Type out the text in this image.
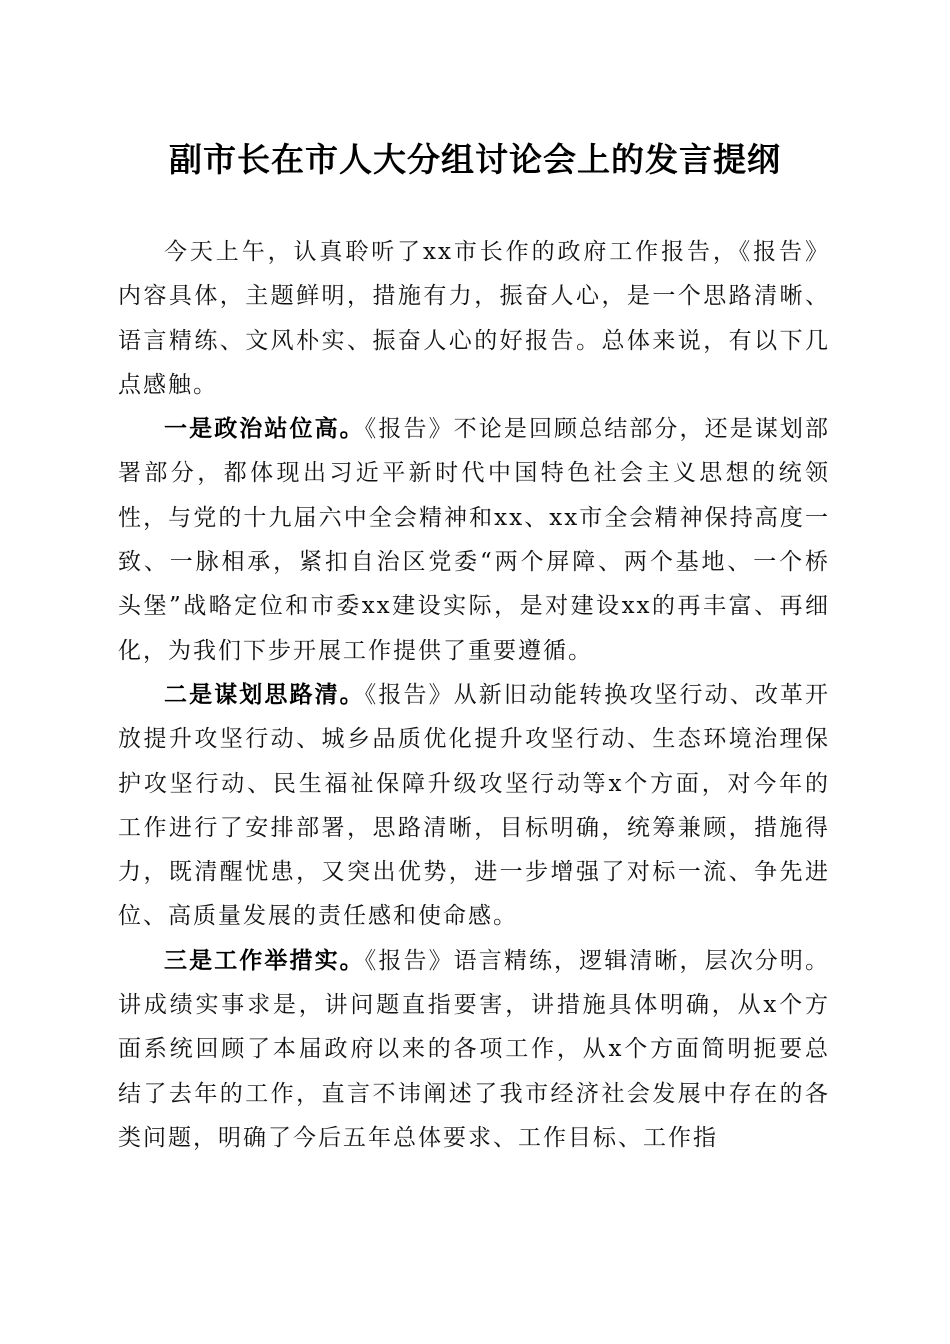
副市长在市人大分组讨论会上的发言提纲

今天上午，认真聆听了xx市长作的政府工作报告，《报告》内容具体，主题鲜明，措施有力，振奋人心，是一个思路清晰、语言精练、文风朴实、振奋人心的好报告。总体来说，有以下几点感触。

一是政治站位高。《报告》不论是回顾总结部分，还是谋划部署部分，都体现出习近平新时代中国特色社会主义思想的统领性，与党的十九届六中全会精神和xx、xx市全会精神保持高度一致、一脉相承，紧扣自治区党委“两个屏障、两个基地、一个桥头堡”战略定位和市委xx建设实际，是对建设xx的再丰富、再细化，为我们下步开展工作提供了重要遵循。

二是谋划思路清。《报告》从新旧动能转换攻坚行动、改革开放提升攻坚行动、城乡品质优化提升攻坚行动、生态环境治理保护攻坚行动、民生福祉保障升级攻坚行动等x个方面，对今年的工作进行了安排部署，思路清晰，目标明确，统筹兼顾，措施得力，既清醒忧患，又突出优势，进一步增强了对标一流、争先进位、高质量发展的责任感和使命感。

三是工作举措实。《报告》语言精练，逻辑清晰，层次分明。讲成绩实事求是，讲问题直指要害，讲措施具体明确，从x个方面系统回顾了本届政府以来的各项工作，从x个方面简明扼要总结了去年的工作，直言不讳阐述了我市经济社会发展中存在的各类问题，明确了今后五年总体要求、工作目标、工作指
